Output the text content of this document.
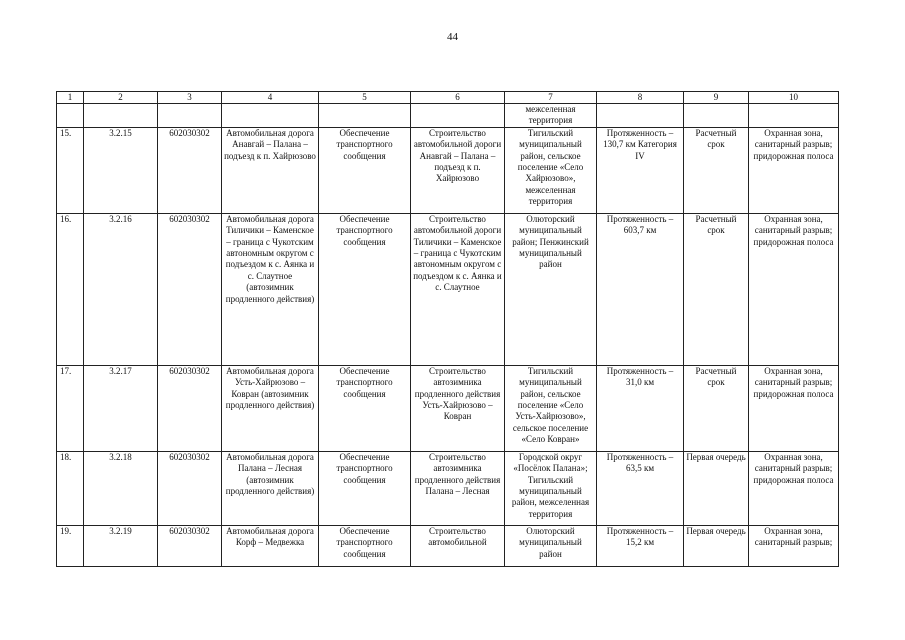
44
1	2	3	4	5	6	7	8	9	10
						межселенная территория			
15.	3.2.15	602030302	Автомобильная дорога Анавгай – Палана – подъезд к п. Хайрюзово	Обеспечение транспортного сообщения	Строительство автомобильной дороги Анавгай – Палана – подъезд к п. Хайрюзово	Тигильский муниципальный район, сельское поселение «Село Хайрюзово», межселенная территория	Протяженность – 130,7 км Категория IV	Расчетный срок	Охранная зона, санитарный разрыв; придорожная полоса
16.	3.2.16	602030302	Автомобильная дорога Тиличики – Каменское – граница с Чукотским автономным округом с подъездом к с. Аянка и с. Слаутное (автозимник продленного действия)	Обеспечение транспортного сообщения	Строительство автомобильной дороги Тиличики – Каменское – граница с Чукотским автономным округом с подъездом к с. Аянка и с. Слаутное	Олюторский муниципальный район; Пенжинский муниципальный район	Протяженность – 603,7 км	Расчетный срок	Охранная зона, санитарный разрыв; придорожная полоса
17.	3.2.17	602030302	Автомобильная дорога Усть-Хайрюзово – Ковран (автозимник продленного действия)	Обеспечение транспортного сообщения	Строительство автозимника продленного действия Усть-Хайрюзово – Ковран	Тигильский муниципальный район, сельское поселение «Село Усть-Хайрюзово», сельское поселение «Село Ковран»	Протяженность – 31,0 км	Расчетный срок	Охранная зона, санитарный разрыв; придорожная полоса
18.	3.2.18	602030302	Автомобильная дорога Палана – Лесная (автозимник продленного действия)	Обеспечение транспортного сообщения	Строительство автозимника продленного действия Палана – Лесная	Городской округ «Посёлок Палана»; Тигильский муниципальный район, межселенная территория	Протяженность – 63,5 км	Первая очередь	Охранная зона, санитарный разрыв; придорожная полоса
19.	3.2.19	602030302	Автомобильная дорога Корф – Медвежка	Обеспечение транспортного сообщения	Строительство автомобильной	Олюторский муниципальный район	Протяженность – 15,2 км	Первая очередь	Охранная зона, санитарный разрыв;
